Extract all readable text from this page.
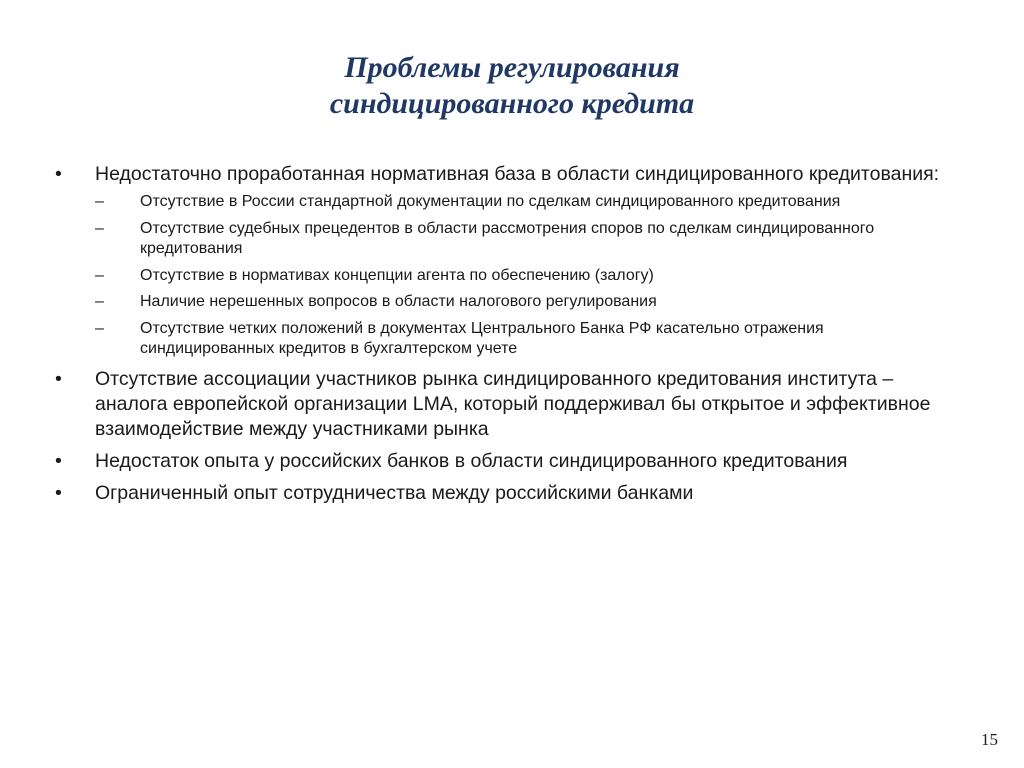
Проблемы регулирования
синдицированного кредита
•	Недостаточно проработанная нормативная база в области синдицированного кредитования:
–	Отсутствие в России стандартной документации по сделкам синдицированного кредитования
–	Отсутствие судебных прецедентов в области рассмотрения споров по сделкам синдицированного
кредитования
–	Отсутствие в нормативах концепции агента по обеспечению (залогу)
–	Наличие нерешенных вопросов в области налогового регулирования
–	Отсутствие четких положений в документах Центрального Банка РФ касательно отражения синдицированных кредитов в бухгалтерском учете
•	Отсутствие ассоциации участников рынка синдицированного кредитования института – аналога европейской организации LMA, который поддерживал бы открытое и эффективное взаимодействие между участниками рынка
•	Недостаток опыта у российских банков в области синдицированного кредитования
•	Ограниченный опыт сотрудничества между российскими банками
15
